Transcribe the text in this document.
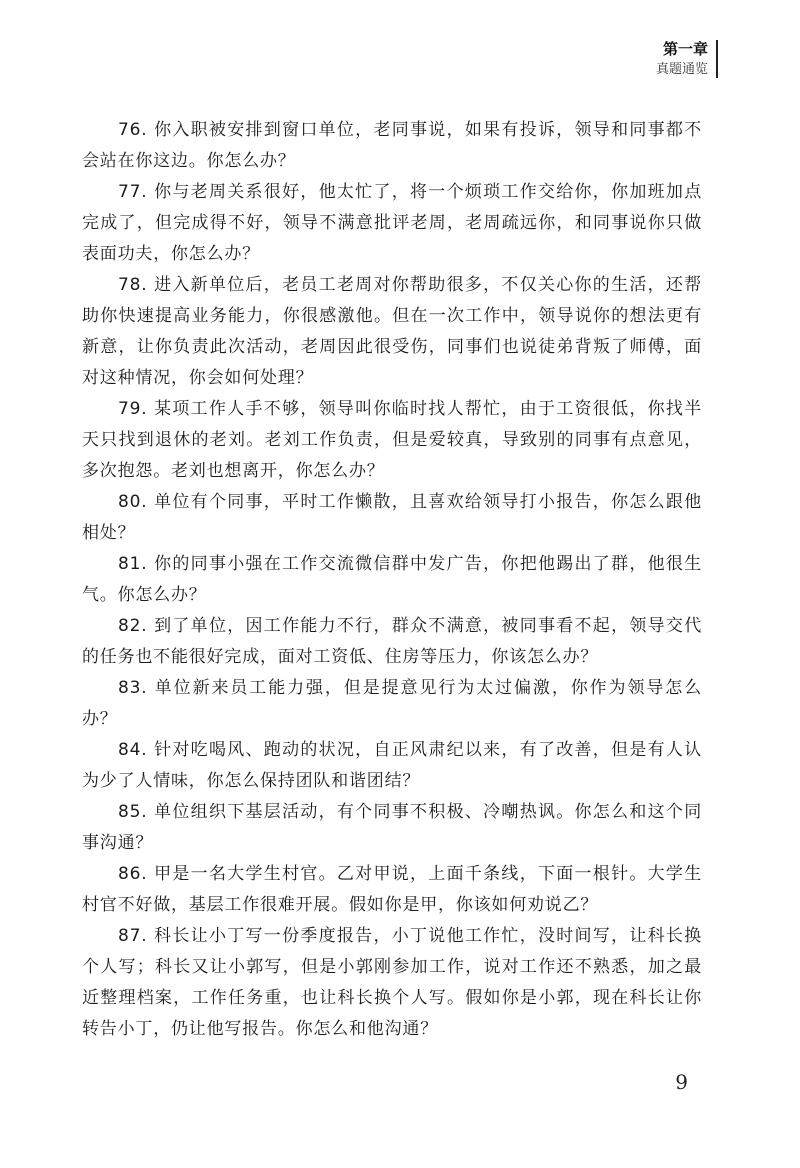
第一章
真题通览

76. 你入职被安排到窗口单位，老同事说，如果有投诉，领导和同事都不会站在你这边。你怎么办？

77. 你与老周关系很好，他太忙了，将一个烦琐工作交给你，你加班加点完成了，但完成得不好，领导不满意批评老周，老周疏远你，和同事说你只做表面功夫，你怎么办？

78. 进入新单位后，老员工老周对你帮助很多，不仅关心你的生活，还帮助你快速提高业务能力，你很感激他。但在一次工作中，领导说你的想法更有新意，让你负责此次活动，老周因此很受伤，同事们也说徒弟背叛了师傅，面对这种情况，你会如何处理？

79. 某项工作人手不够，领导叫你临时找人帮忙，由于工资很低，你找半天只找到退休的老刘。老刘工作负责，但是爱较真，导致别的同事有点意见，多次抱怨。老刘也想离开，你怎么办？

80. 单位有个同事，平时工作懒散，且喜欢给领导打小报告，你怎么跟他相处？

81. 你的同事小强在工作交流微信群中发广告，你把他踢出了群，他很生气。你怎么办？

82. 到了单位，因工作能力不行，群众不满意，被同事看不起，领导交代的任务也不能很好完成，面对工资低、住房等压力，你该怎么办？

83. 单位新来员工能力强，但是提意见行为太过偏激，你作为领导怎么办？

84. 针对吃喝风、跑动的状况，自正风肃纪以来，有了改善，但是有人认为少了人情味，你怎么保持团队和谐团结？

85. 单位组织下基层活动，有个同事不积极、冷嘲热讽。你怎么和这个同事沟通？

86. 甲是一名大学生村官。乙对甲说，上面千条线，下面一根针。大学生村官不好做，基层工作很难开展。假如你是甲，你该如何劝说乙？

87. 科长让小丁写一份季度报告，小丁说他工作忙，没时间写，让科长换个人写；科长又让小郭写，但是小郭刚参加工作，说对工作还不熟悉，加之最近整理档案，工作任务重，也让科长换个人写。假如你是小郭，现在科长让你转告小丁，仍让他写报告。你怎么和他沟通？

9
